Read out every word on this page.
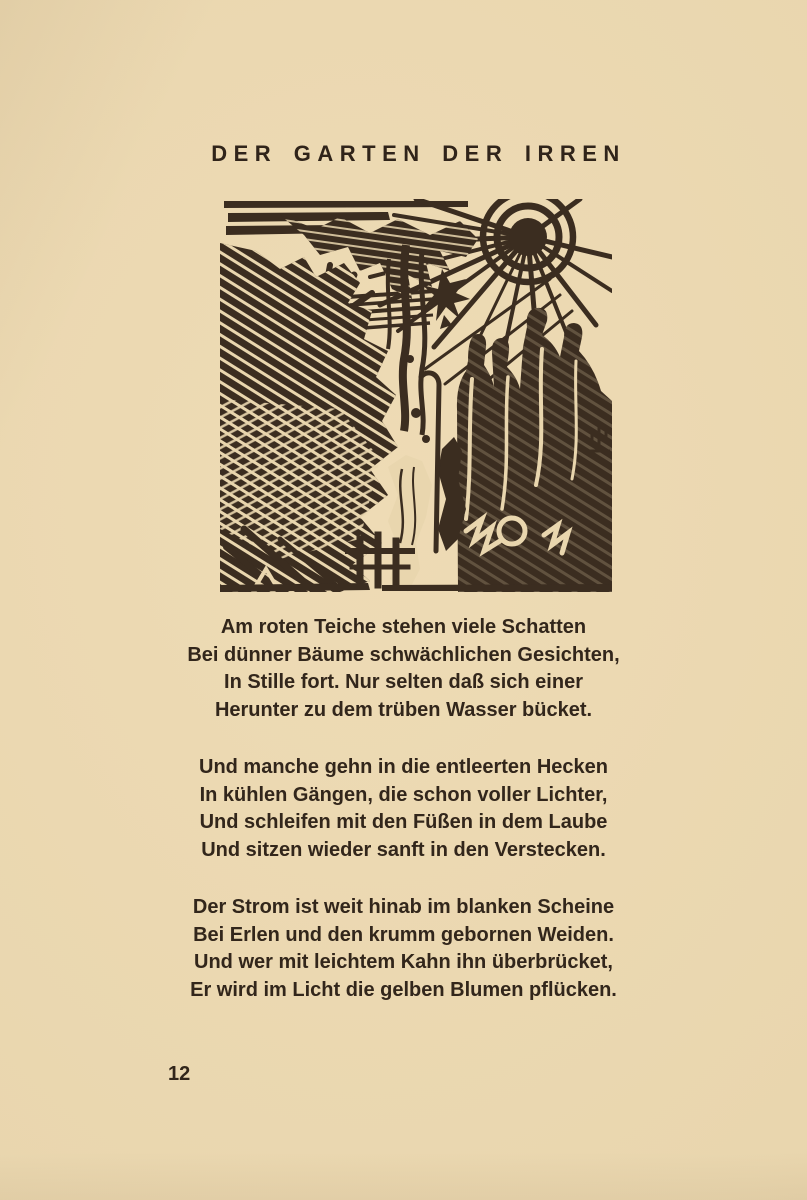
DER GARTEN DER IRREN
Am roten Teiche stehen viele Schatten
Bei dünner Bäume schwächlichen Gesichten,
In Stille fort. Nur selten daß sich einer
Herunter zu dem trüben Wasser bücket.
Und manche gehn in die entleerten Hecken
In kühlen Gängen, die schon voller Lichter,
Und schleifen mit den Füßen in dem Laube
Und sitzen wieder sanft in den Verstecken.
Der Strom ist weit hinab im blanken Scheine
Bei Erlen und den krumm gebornen Weiden.
Und wer mit leichtem Kahn ihn überbrücket,
Er wird im Licht die gelben Blumen pflücken.
12
